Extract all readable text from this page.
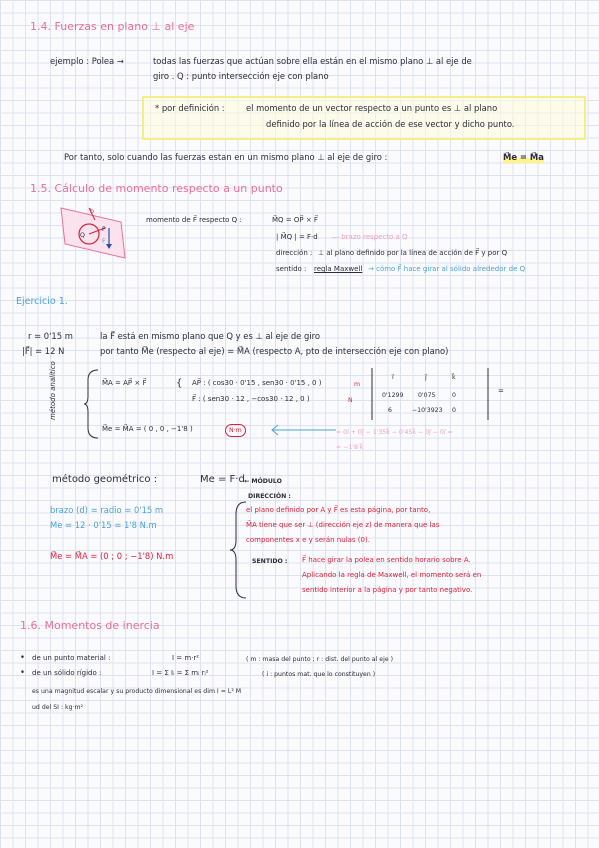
1.4. Fuerzas en plano ⊥ al eje
ejemplo : Polea →	todas las fuerzas que actúan sobre ella están en el mismo plano ⊥ al eje de
giro . Q : punto intersección eje con plano
* por definición :	el momento de un vector respecto a un punto es ⊥ al plano
definido por la línea de acción de ese vector y dicho punto.
Por tanto, solo cuando las fuerzas estan en un mismo plano ⊥ al eje de giro :	M⃗e = M⃗a
1.5. Cálculo de momento respecto a un punto
Q
P
F
b
momento de F⃗ respecto Q :	M⃗Q = OP⃗ × F⃗
| M⃗Q | = F·d — brazo respecto a Q
dirección : ⊥ al plano definido por la línea de acción de F⃗ y por Q
sentido : regla Maxwell → cómo F⃗ hace girar al sólido alrededor de Q
Ejercicio 1.
r = 0'15 m
|F⃗| = 12 N
la F⃗ está en mismo plano que Q y es ⊥ al eje de giro
por tanto M⃗e (respecto al eje) = M⃗A (respecto A, pto de intersección eje con plano)
método analítico	M⃗A = AP⃗ × F⃗	{ AP⃗ : ( cos30 · 0'15 , sen30 · 0'15 , 0 )	m
F⃗ : ( sen30 · 12 , −cos30 · 12 , 0 )	N
i⃗	j⃗	k⃗
0'1299 0'075	0
6	−10'3923 0
=
M⃗e = M⃗A = ( 0 , 0 , −1'8 )	N·m	= 0i⃗ + 0j⃗ − 1'35k⃗ − 0'45k⃗ − 0j⃗ − 0i⃗ =
= −1'8 k⃗
método geométrico :	Me = F·d ← MÓDULO
brazo (d) = radio = 0'15 m
Me = 12 · 0'15 = 1'8 N.m
M⃗e = M⃗A = (0 ; 0 ; −1'8) N.m
DIRECCIÓN :
el plano definido por A y F⃗ es esta página, por tanto,
M⃗A tiene que ser ⊥ (dirección eje z) de manera que las
componentes x e y serán nulas (0).
SENTIDO : F⃗ hace girar la polea en sentido horario sobre A.
Aplicando la regla de Maxwell, el momento será en
sentido interior a la página y por tanto negativo.
1.6. Momentos de inercia
• de un punto material :	I = m·r²	( m : masa del punto ; r : dist. del punto al eje )
• de un sólido rígido :	I = Σ Iᵢ = Σ mᵢ rᵢ²	( i : puntos mat. que lo constituyen )
es una magnitud escalar y su producto dimensional es dim I = L² M
ud del SI : kg·m²
